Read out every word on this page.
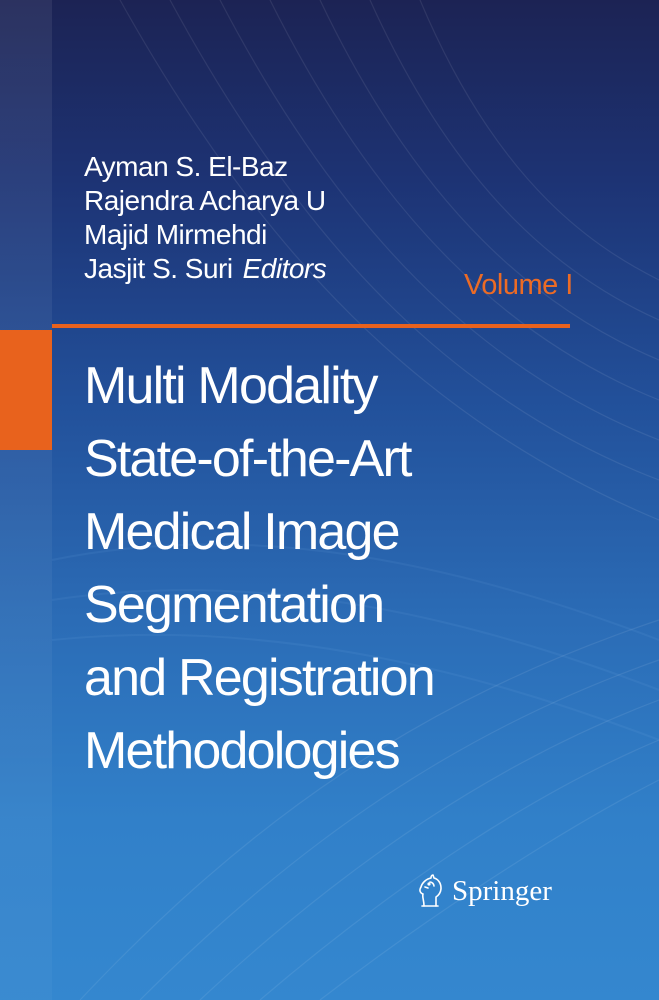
Ayman S. El-Baz
Rajendra Acharya U
Majid Mirmehdi
Jasjit S. Suri Editors
Volume I
Multi Modality
State-of-the-Art
Medical Image
Segmentation
and Registration
Methodologies
Springer
